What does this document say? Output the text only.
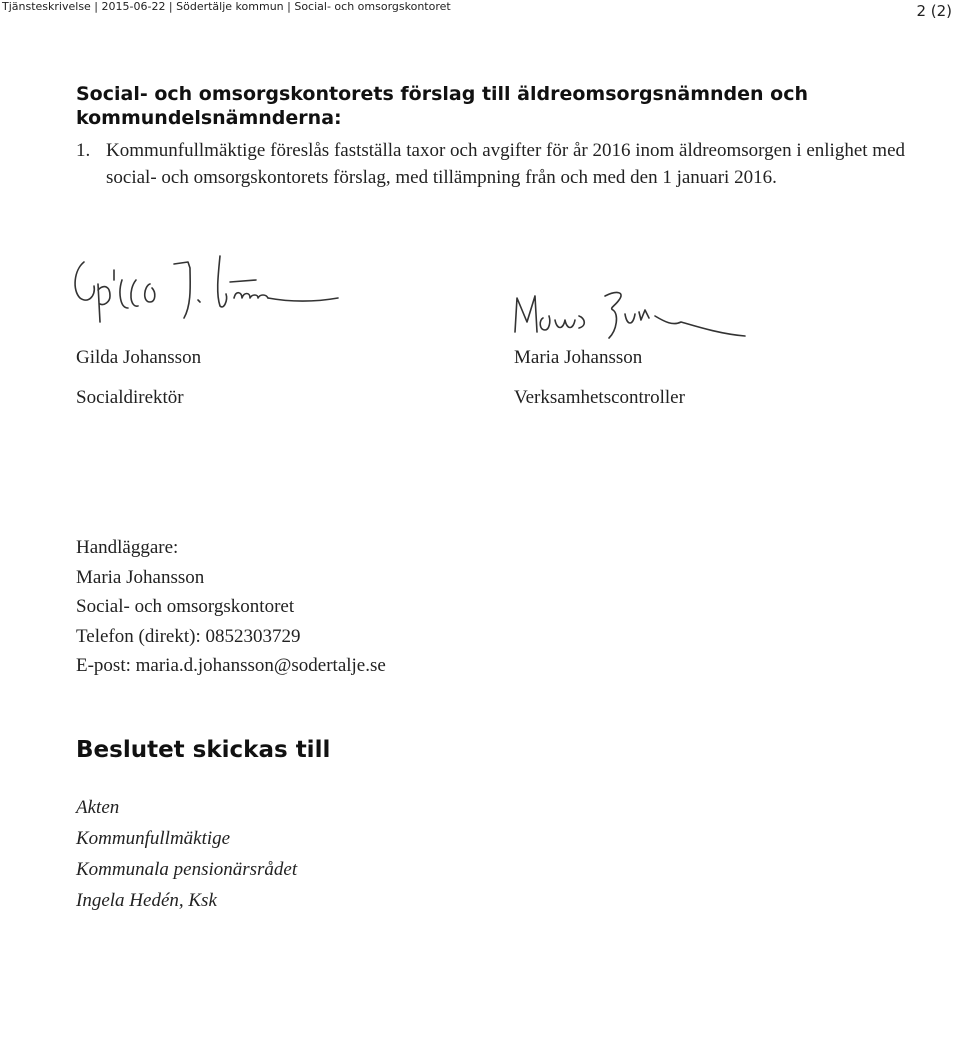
Tjänsteskrivelse | 2015-06-22 | Södertälje kommun | Social- och omsorgskontoret	2 (2)
Social- och omsorgskontorets förslag till äldreomsorgsnämnden och kommundelsnämnderna:
1. Kommunfullmäktige föreslås fastställa taxor och avgifter för år 2016 inom äldreomsorgen i enlighet med social- och omsorgskontorets förslag, med tillämpning från och med den 1 januari 2016.
Gilda Johansson
Socialdirektör
Maria Johansson
Verksamhetscontroller
Handläggare:
Maria Johansson
Social- och omsorgskontoret
Telefon (direkt): 0852303729
E-post: maria.d.johansson@sodertalje.se
Beslutet skickas till
Akten
Kommunfullmäktige
Kommunala pensionärsrådet
Ingela Hedén, Ksk
